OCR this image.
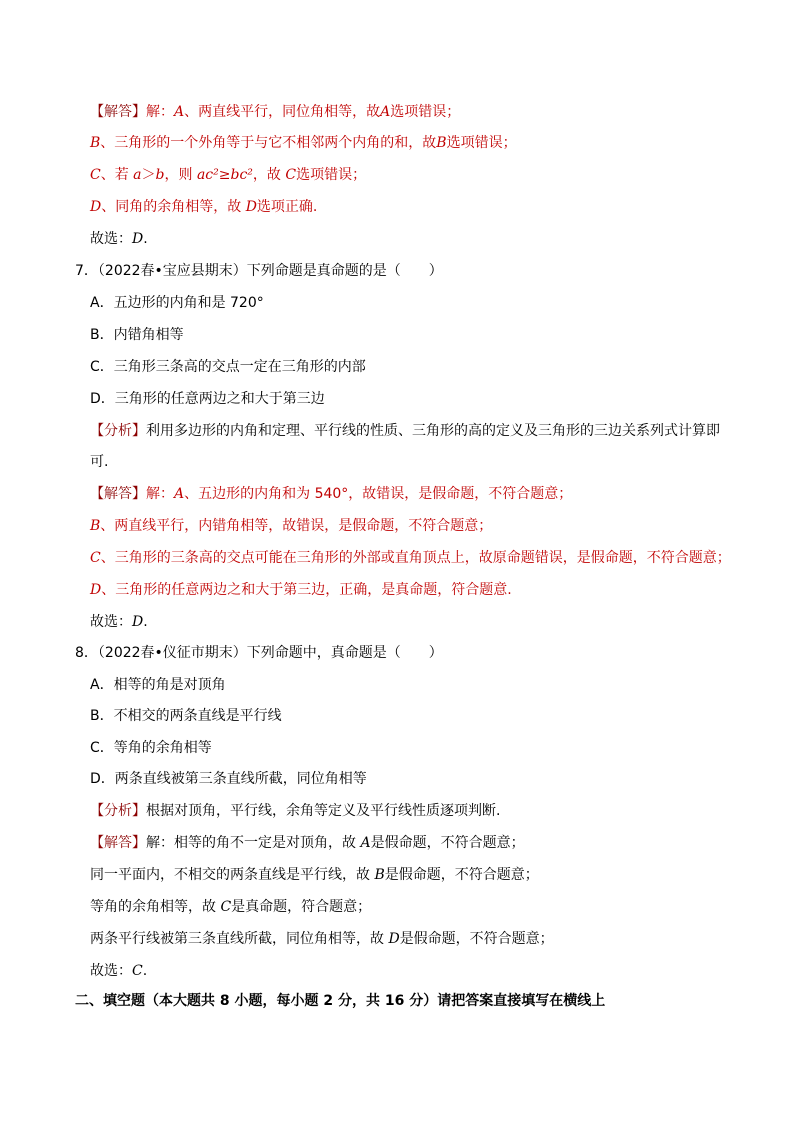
【解答】解：A、两直线平行，同位角相等，故A选项错误；
B、三角形的一个外角等于与它不相邻两个内角的和，故B选项错误；
C、若 a＞b，则 ac²≥bc²，故 C选项错误；
D、同角的余角相等，故 D选项正确.
故选：D.
7．（2022春•宝应县期末）下列命题是真命题的是（　　）
A．五边形的内角和是 720°
B．内错角相等
C．三角形三条高的交点一定在三角形的内部
D．三角形的任意两边之和大于第三边
【分析】利用多边形的内角和定理、平行线的性质、三角形的高的定义及三角形的三边关系列式计算即
可.
【解答】解：A、五边形的内角和为 540°，故错误，是假命题，不符合题意；
B、两直线平行，内错角相等，故错误，是假命题，不符合题意；
C、三角形的三条高的交点可能在三角形的外部或直角顶点上，故原命题错误，是假命题，不符合题意；
D、三角形的任意两边之和大于第三边，正确，是真命题，符合题意.
故选：D.
8．（2022春•仪征市期末）下列命题中，真命题是（　　）
A．相等的角是对顶角
B．不相交的两条直线是平行线
C．等角的余角相等
D．两条直线被第三条直线所截，同位角相等
【分析】根据对顶角，平行线，余角等定义及平行线性质逐项判断.
【解答】解：相等的角不一定是对顶角，故 A是假命题，不符合题意；
同一平面内，不相交的两条直线是平行线，故 B是假命题，不符合题意；
等角的余角相等，故 C是真命题，符合题意；
两条平行线被第三条直线所截，同位角相等，故 D是假命题，不符合题意；
故选：C.
二、填空题（本大题共 8 小题，每小题 2 分，共 16 分）请把答案直接填写在横线上
